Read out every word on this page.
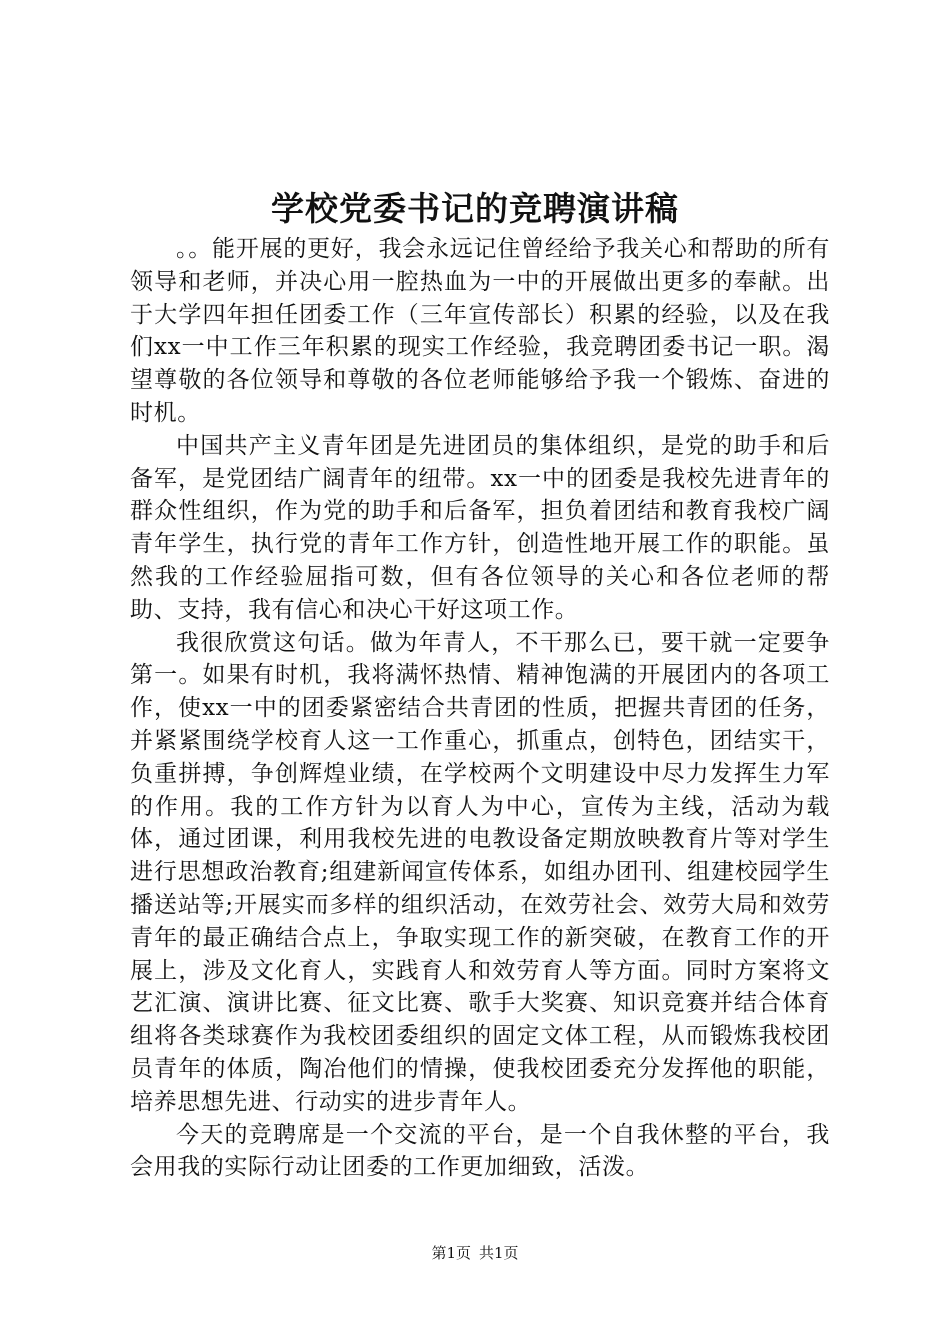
学校党委书记的竞聘演讲稿

。。能开展的更好，我会永远记住曾经给予我关心和帮助的所有领导和老师，并决心用一腔热血为一中的开展做出更多的奉献。出于大学四年担任团委工作（三年宣传部长）积累的经验，以及在我们xx一中工作三年积累的现实工作经验，我竞聘团委书记一职。渴望尊敬的各位领导和尊敬的各位老师能够给予我一个锻炼、奋进的时机。

中国共产主义青年团是先进团员的集体组织，是党的助手和后备军，是党团结广阔青年的纽带。xx一中的团委是我校先进青年的群众性组织，作为党的助手和后备军，担负着团结和教育我校广阔青年学生，执行党的青年工作方针，创造性地开展工作的职能。虽然我的工作经验屈指可数，但有各位领导的关心和各位老师的帮助、支持，我有信心和决心干好这项工作。

我很欣赏这句话。做为年青人，不干那么已，要干就一定要争第一。如果有时机，我将满怀热情、精神饱满的开展团内的各项工作，使xx一中的团委紧密结合共青团的性质，把握共青团的任务，并紧紧围绕学校育人这一工作重心，抓重点，创特色，团结实干，负重拼搏，争创辉煌业绩，在学校两个文明建设中尽力发挥生力军的作用。我的工作方针为以育人为中心，宣传为主线，活动为载体，通过团课，利用我校先进的电教设备定期放映教育片等对学生进行思想政治教育;组建新闻宣传体系，如组办团刊、组建校园学生播送站等;开展实而多样的组织活动，在效劳社会、效劳大局和效劳青年的最正确结合点上，争取实现工作的新突破，在教育工作的开展上，涉及文化育人，实践育人和效劳育人等方面。同时方案将文艺汇演、演讲比赛、征文比赛、歌手大奖赛、知识竞赛并结合体育组将各类球赛作为我校团委组织的固定文体工程，从而锻炼我校团员青年的体质，陶冶他们的情操，使我校团委充分发挥他的职能，培养思想先进、行动实的进步青年人。

今天的竞聘席是一个交流的平台，是一个自我休整的平台，我会用我的实际行动让团委的工作更加细致，活泼。

第1页 共1页
